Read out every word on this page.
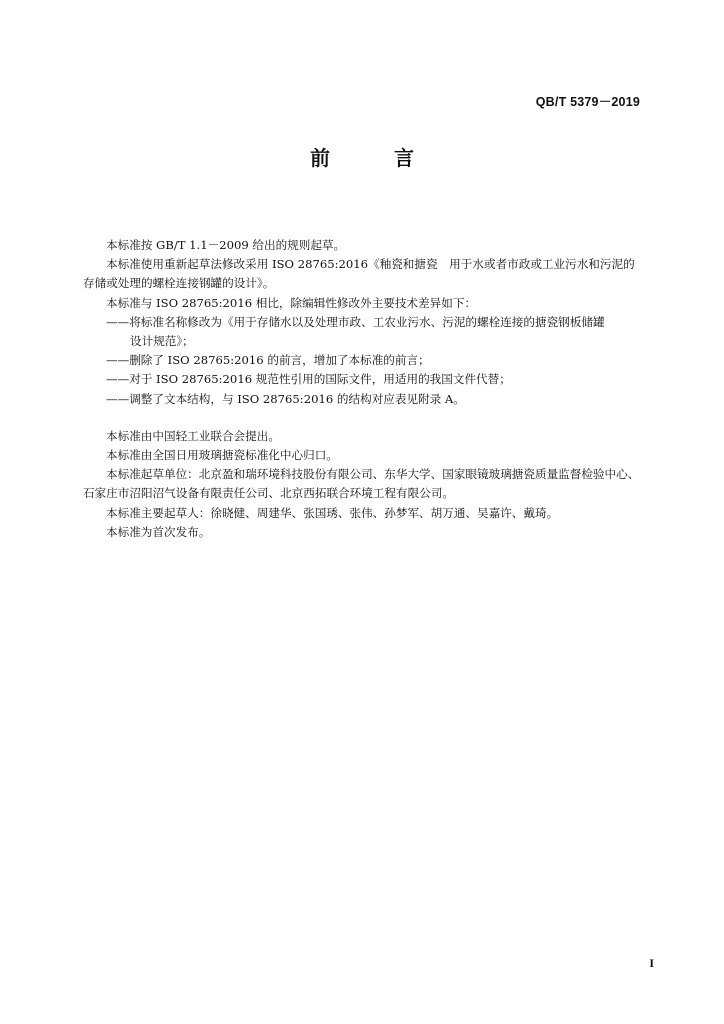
QB/T 5379－2019
前　言

本标准按 GB/T 1.1－2009 给出的规则起草。

本标准使用重新起草法修改采用 ISO 28765:2016《釉瓷和搪瓷　用于水或者市政或工业污水和污泥的存储或处理的螺栓连接钢罐的设计》。

本标准与 ISO 28765:2016 相比，除编辑性修改外主要技术差异如下：

——将标准名称修改为《用于存储水以及处理市政、工农业污水、污泥的螺栓连接的搪瓷钢板储罐

设计规范》；

——删除了 ISO 28765:2016 的前言，增加了本标准的前言；

——对于 ISO 28765:2016 规范性引用的国际文件，用适用的我国文件代替；

——调整了文本结构，与 ISO 28765:2016 的结构对应表见附录 A。

本标准由中国轻工业联合会提出。

本标准由全国日用玻璃搪瓷标准化中心归口。

本标准起草单位：北京盈和瑞环境科技股份有限公司、东华大学、国家眼镜玻璃搪瓷质量监督检验中心、石家庄市沼阳沼气设备有限责任公司、北京西拓联合环境工程有限公司。

本标准主要起草人：徐晓健、周建华、张国琇、张伟、孙梦军、胡万通、吴嘉许、戴琦。

本标准为首次发布。

I
